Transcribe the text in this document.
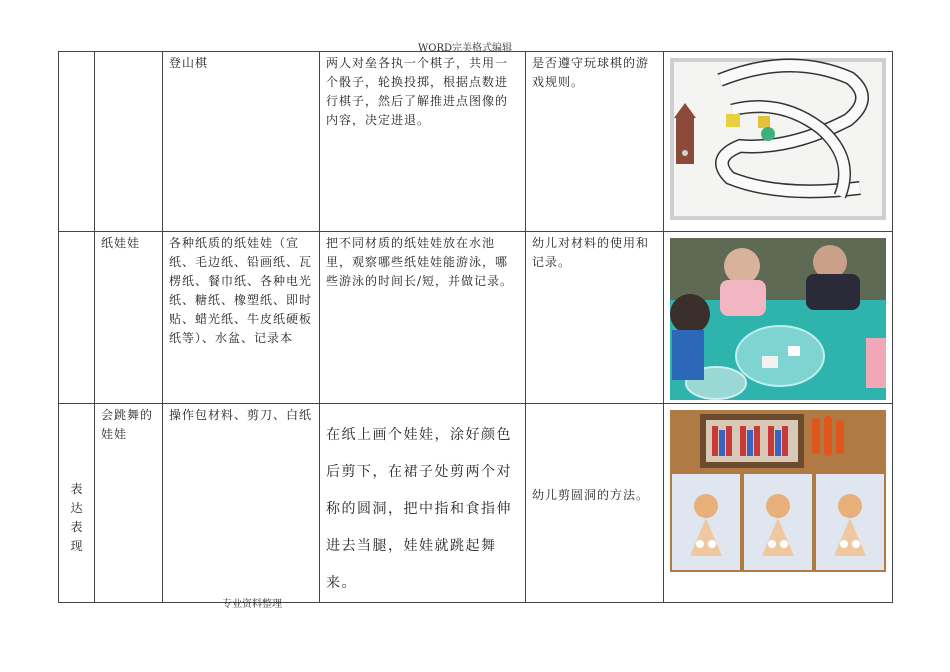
WORD完美格式编辑

		登山棋	两人对垒各执一个棋子，共用一个骰子，轮换投掷，根据点数进行棋子，然后了解推进点图像的内容，决定进退。	是否遵守玩球棋的游戏规则。

	纸娃娃	各种纸质的纸娃娃（宣纸、毛边纸、铅画纸、瓦楞纸、餐巾纸、各种电光纸、糖纸、橡塑纸、即时贴、蜡光纸、牛皮纸硬板纸等）、水盆、记录本	把不同材质的纸娃娃放在水池里，观察哪些纸娃娃能游泳，哪些游泳的时间长/短，并做记录。	幼儿对材料的使用和记录。

表达表现	会跳舞的娃娃	操作包材料、剪刀、白纸	在纸上画个娃娃，涂好颜色后剪下，在裙子处剪两个对称的圆洞，把中指和食指伸进去当腿，娃娃就跳起舞来。	幼儿剪圆洞的方法。

专业资料整理
